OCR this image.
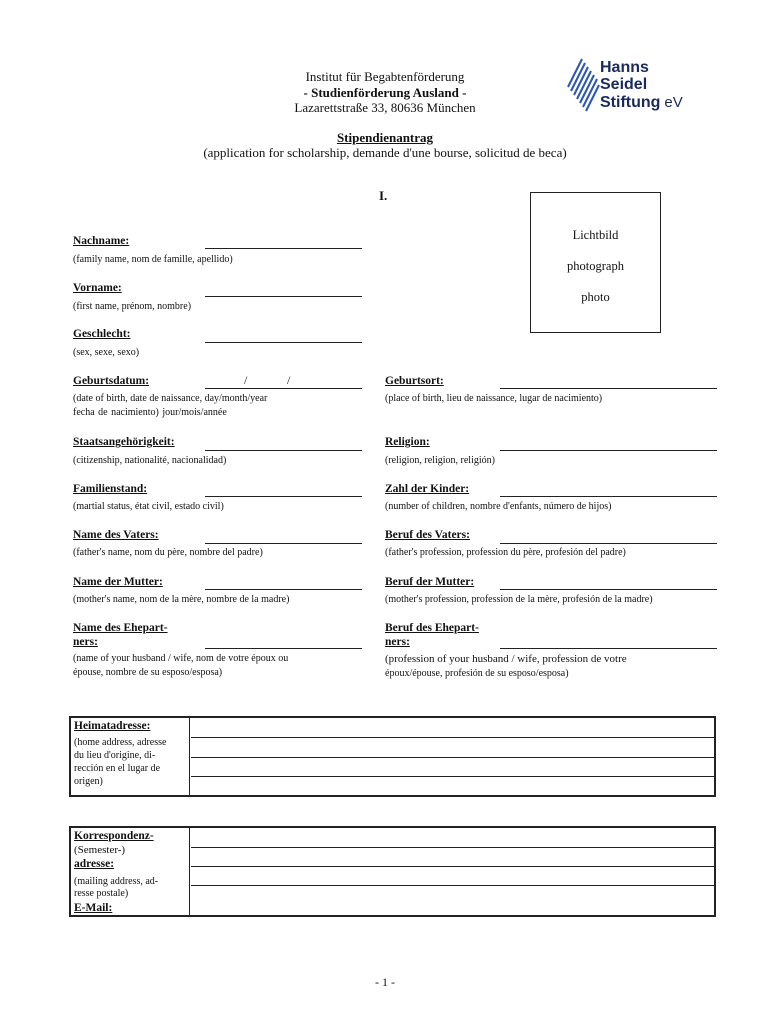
Institut für Begabtenförderung
- Studienförderung Ausland -
Lazarettstraße 33, 80636 München
Hanns
Seidel
Stiftung eV
Stipendienantrag
(application for scholarship, demande d'une bourse, solicitud de beca)
I.
Lichtbild
photograph
photo
Nachname:
(family name, nom de famille, apellido)
Vorname:
(first name, prénom, nombre)
Geschlecht:
(sex, sexe, sexo)
Geburtsdatum:	/	/
(date of birth, date de naissance, day/month/year
fecha de nacimiento) jour/mois/année
Geburtsort:
(place of birth, lieu de naissance, lugar de nacimiento)
Staatsangehörigkeit:
(citizenship, nationalité, nacionalidad)
Religion:
(religion, religion, religión)
Familienstand:
(martial status, état civil, estado civil)
Zahl der Kinder:
(number of children, nombre d'enfants, número de hijos)
Name des Vaters:
(father's name, nom du père, nombre del padre)
Beruf des Vaters:
(father's profession, profession du père, profesión del padre)
Name der Mutter:
(mother's name, nom de la mère, nombre de la madre)
Beruf der Mutter:
(mother's profession, profession de la mère, profesión de la madre)
Name des Ehepart-
ners:
(name of your husband / wife, nom de votre époux ou
épouse, nombre de su esposo/esposa)
Beruf des Ehepart-
ners:
(profession of your husband / wife, profession de votre
époux/épouse, profesión de su esposo/esposa)
Heimatadresse:
(home address, adresse
du lieu d'origine, di-
rección en el lugar de
origen)
Korrespondenz-
(Semester-)
adresse:
(mailing address, ad-
resse postale)
E-Mail:
- 1 -
